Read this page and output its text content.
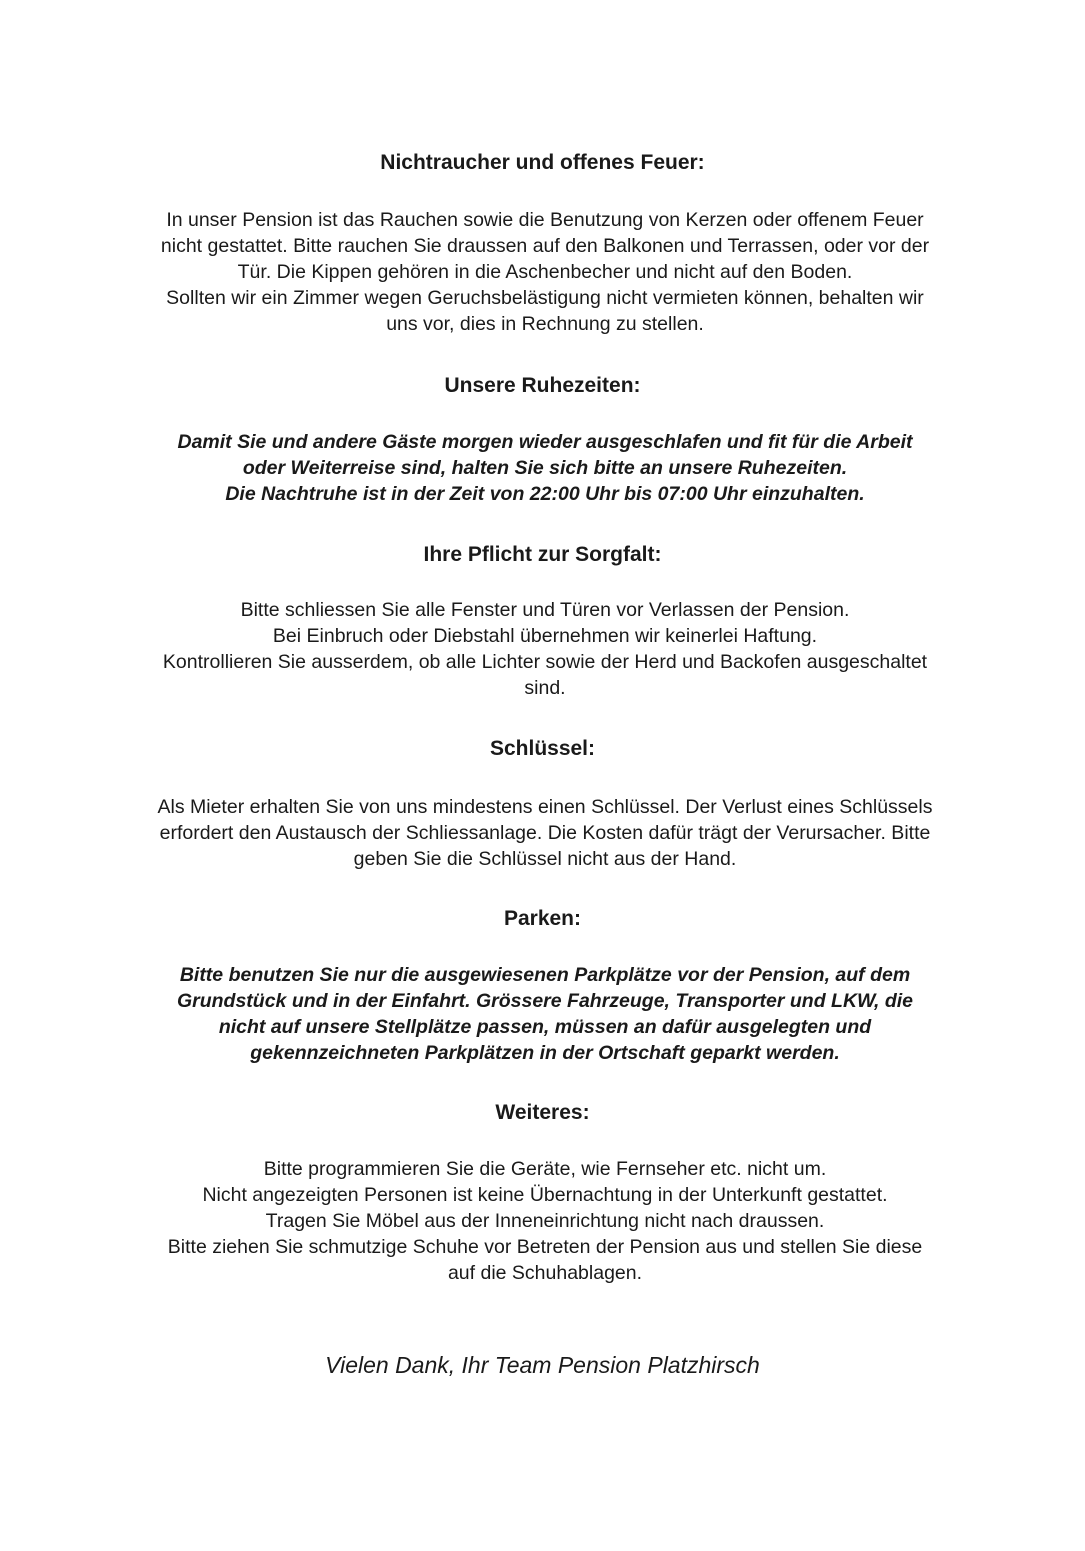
Nichtraucher und offenes Feuer:
In unser Pension ist das Rauchen sowie die Benutzung von Kerzen oder offenem Feuer
nicht gestattet. Bitte rauchen Sie draussen auf den Balkonen und Terrassen, oder vor der
Tür. Die Kippen gehören in die Aschenbecher und nicht auf den Boden.
Sollten wir ein Zimmer wegen Geruchsbelästigung nicht vermieten können, behalten wir
uns vor, dies in Rechnung zu stellen.
Unsere Ruhezeiten:
Damit Sie und andere Gäste morgen wieder ausgeschlafen und fit für die Arbeit
oder Weiterreise sind, halten Sie sich bitte an unsere Ruhezeiten.
Die Nachtruhe ist in der Zeit von 22:00 Uhr bis 07:00 Uhr einzuhalten.
Ihre Pflicht zur Sorgfalt:
Bitte schliessen Sie alle Fenster und Türen vor Verlassen der Pension.
Bei Einbruch oder Diebstahl übernehmen wir keinerlei Haftung.
Kontrollieren Sie ausserdem, ob alle Lichter sowie der Herd und Backofen ausgeschaltet
sind.
Schlüssel:
Als Mieter erhalten Sie von uns mindestens einen Schlüssel. Der Verlust eines Schlüssels
erfordert den Austausch der Schliessanlage. Die Kosten dafür trägt der Verursacher. Bitte
geben Sie die Schlüssel nicht aus der Hand.
Parken:
Bitte benutzen Sie nur die ausgewiesenen Parkplätze vor der Pension, auf dem
Grundstück und in der Einfahrt. Grössere Fahrzeuge, Transporter und LKW, die
nicht auf unsere Stellplätze passen, müssen an dafür ausgelegten und
gekennzeichneten Parkplätzen in der Ortschaft geparkt werden.
Weiteres:
Bitte programmieren Sie die Geräte, wie Fernseher etc. nicht um.
Nicht angezeigten Personen ist keine Übernachtung in der Unterkunft gestattet.
Tragen Sie Möbel aus der Inneneinrichtung nicht nach draussen.
Bitte ziehen Sie schmutzige Schuhe vor Betreten der Pension aus und stellen Sie diese
auf die Schuhablagen.

Vielen Dank, Ihr Team Pension Platzhirsch
